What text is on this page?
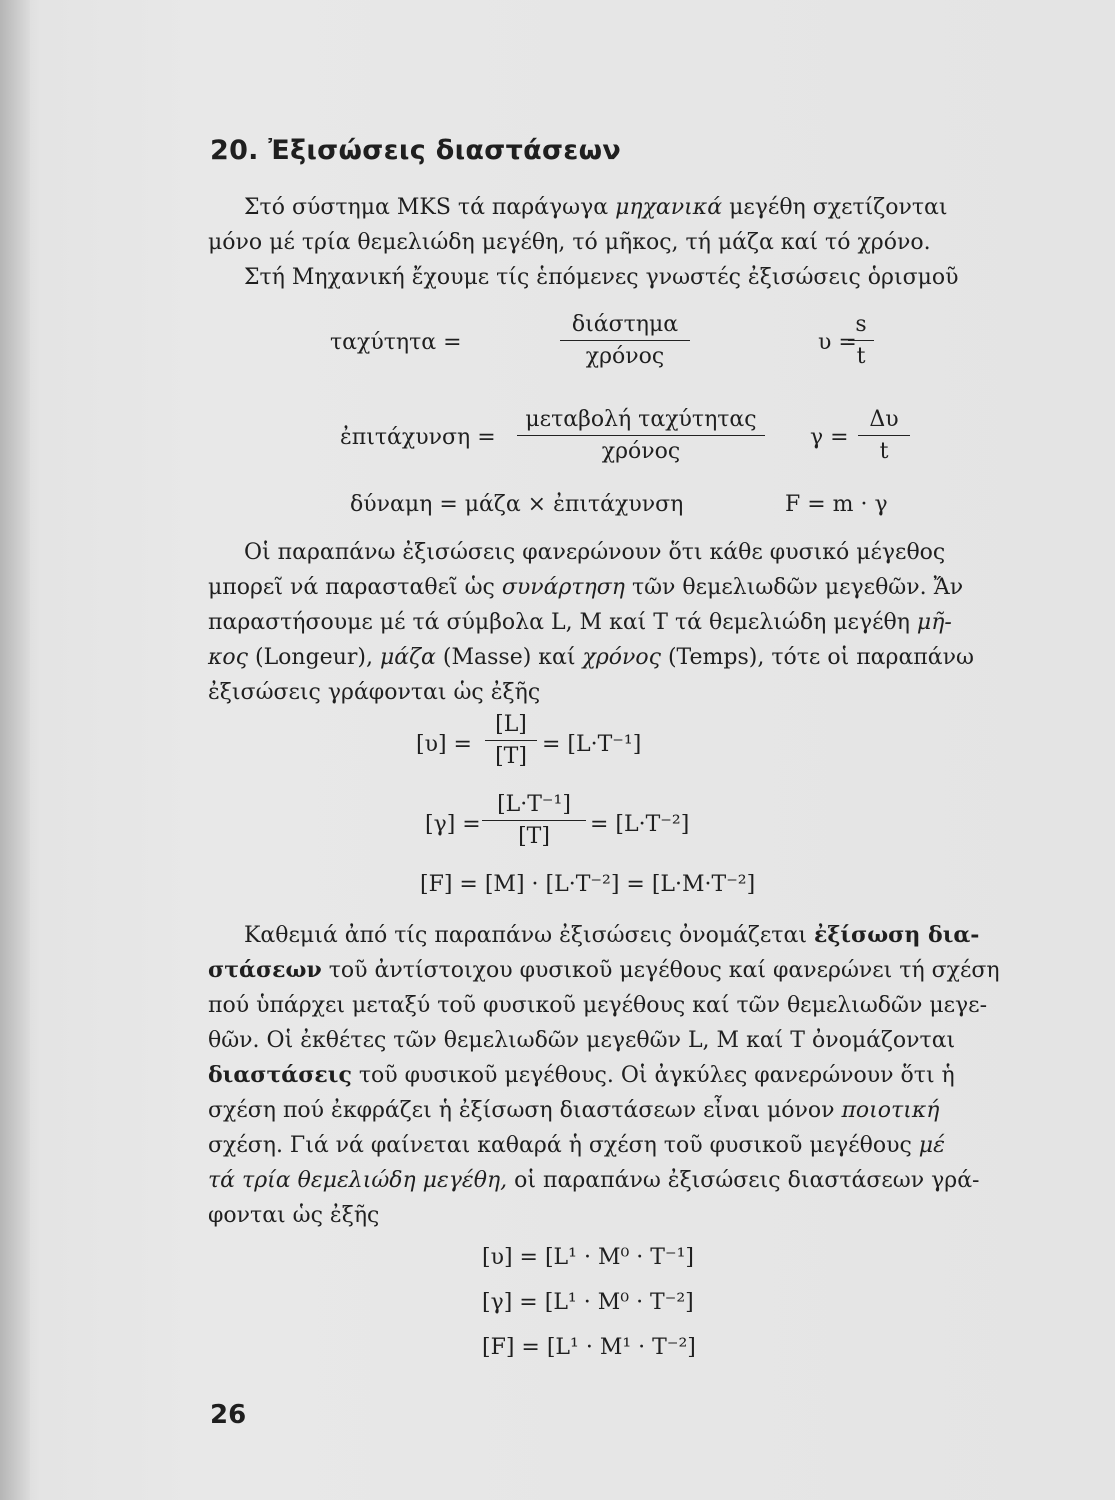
20. Ἐξισώσεις διαστάσεων
Στό σύστημα MKS τά παράγωγα μηχανικά μεγέθη σχετίζονται
μόνο μέ τρία θεμελιώδη μεγέθη, τό μῆκος, τή μάζα καί τό χρόνο.
Στή Μηχανική ἔχουμε τίς ἑπόμενες γνωστές ἐξισώσεις ὁρισμοῦ
ταχύτητα =
διάστημα
χρόνος
υ =
$\frac{s}{t}$
ἐπιτάχυνση =
μεταβολή ταχύτητας
χρόνος
$\gamma = \frac{\Delta\upsilon}{t}$
δύναμη = μάζα × ἐπιτάχυνση	F = m · γ
Οἱ παραπάνω ἐξισώσεις φανερώνουν ὅτι κάθε φυσικό μέγεθος
μπορεῖ νά παρασταθεῖ ὡς συνάρτηση τῶν θεμελιωδῶν μεγεθῶν. Ἄν
παραστήσουμε μέ τά σύμβολα L, M καί T τά θεμελιώδη μεγέθη μῆ-
κος (Longeur), μάζα (Masse) καί χρόνος (Temps), τότε οἱ παραπάνω
ἐξισώσεις γράφονται ὡς ἐξῆς
$[\upsilon] = \frac{[L]}{[T]} = [L\cdot T^{-1}]$
$[\gamma] = \frac{\text{[L·T⁻¹]}}{[T]} = [L\cdot T^{-2}]$
[F] = [M] · [L·T⁻²] = [L·M·T⁻²]
Καθεμιά ἀπό τίς παραπάνω ἐξισώσεις ὀνομάζεται ἐξίσωση δια-
στάσεων τοῦ ἀντίστοιχου φυσικοῦ μεγέθους καί φανερώνει τή σχέση
πού ὑπάρχει μεταξύ τοῦ φυσικοῦ μεγέθους καί τῶν θεμελιωδῶν μεγε-
θῶν. Οἱ ἐκθέτες τῶν θεμελιωδῶν μεγεθῶν L, M καί T ὀνομάζονται
διαστάσεις τοῦ φυσικοῦ μεγέθους. Οἱ ἀγκύλες φανερώνουν ὅτι ἡ
σχέση πού ἐκφράζει ἡ ἐξίσωση διαστάσεων εἶναι μόνον ποιοτική
σχέση. Γιά νά φαίνεται καθαρά ἡ σχέση τοῦ φυσικοῦ μεγέθους μέ
τά τρία θεμελιώδη μεγέθη, οἱ παραπάνω ἐξισώσεις διαστάσεων γρά-
φονται ὡς ἐξῆς
[υ] = [L¹ · M⁰ · T⁻¹]
[γ] = [L¹ · M⁰ · T⁻²]
[F] = [L¹ · M¹ · T⁻²]
26
